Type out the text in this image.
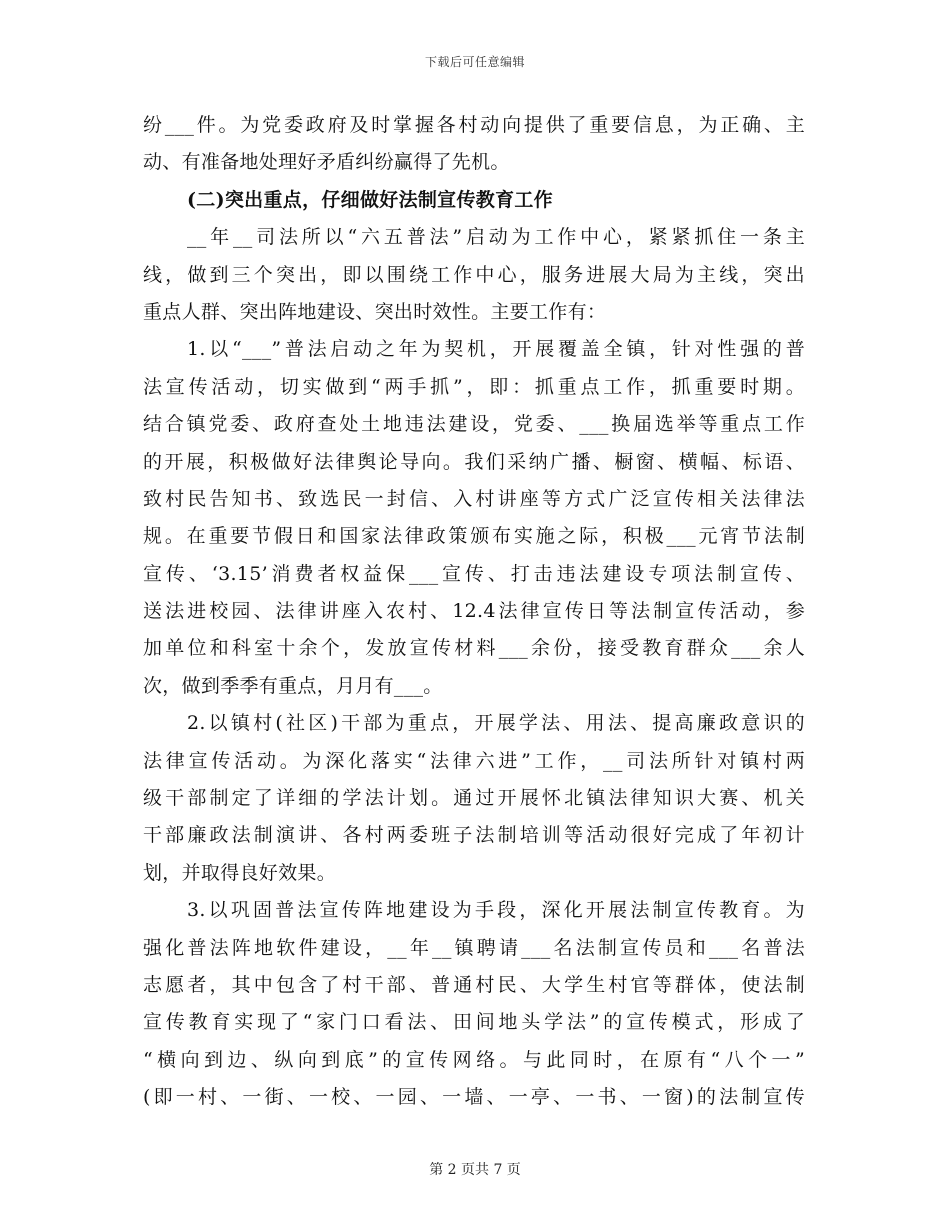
下载后可任意编辑
纷___件。为党委政府及时掌握各村动向提供了重要信息，为正确、主
动、有准备地处理好矛盾纠纷赢得了先机。
(二)突出重点，仔细做好法制宣传教育工作
__年__司法所以“六五普法”启动为工作中心，紧紧抓住一条主
线，做到三个突出，即以围绕工作中心，服务进展大局为主线，突出
重点人群、突出阵地建设、突出时效性。主要工作有：
1.以“___”普法启动之年为契机，开展覆盖全镇，针对性强的普
法宣传活动，切实做到“两手抓”，即：抓重点工作，抓重要时期。
结合镇党委、政府查处土地违法建设，党委、___换届选举等重点工作
的开展，积极做好法律舆论导向。我们采纳广播、橱窗、横幅、标语、
致村民告知书、致选民一封信、入村讲座等方式广泛宣传相关法律法
规。在重要节假日和国家法律政策颁布实施之际，积极___元宵节法制
宣传、‘3.15’消费者权益保___宣传、打击违法建设专项法制宣传、
送法进校园、法律讲座入农村、12.4法律宣传日等法制宣传活动，参
加单位和科室十余个，发放宣传材料___余份，接受教育群众___余人
次，做到季季有重点，月月有___。
2.以镇村(社区)干部为重点，开展学法、用法、提高廉政意识的
法律宣传活动。为深化落实“法律六进”工作，__司法所针对镇村两
级干部制定了详细的学法计划。通过开展怀北镇法律知识大赛、机关
干部廉政法制演讲、各村两委班子法制培训等活动很好完成了年初计
划，并取得良好效果。
3.以巩固普法宣传阵地建设为手段，深化开展法制宣传教育。为
强化普法阵地软件建设，__年__镇聘请___名法制宣传员和___名普法
志愿者，其中包含了村干部、普通村民、大学生村官等群体，使法制
宣传教育实现了“家门口看法、田间地头学法”的宣传模式，形成了
“横向到边、纵向到底”的宣传网络。与此同时，在原有“八个一”
(即一村、一街、一校、一园、一墙、一亭、一书、一窗)的法制宣传
第 2 页共 7 页
